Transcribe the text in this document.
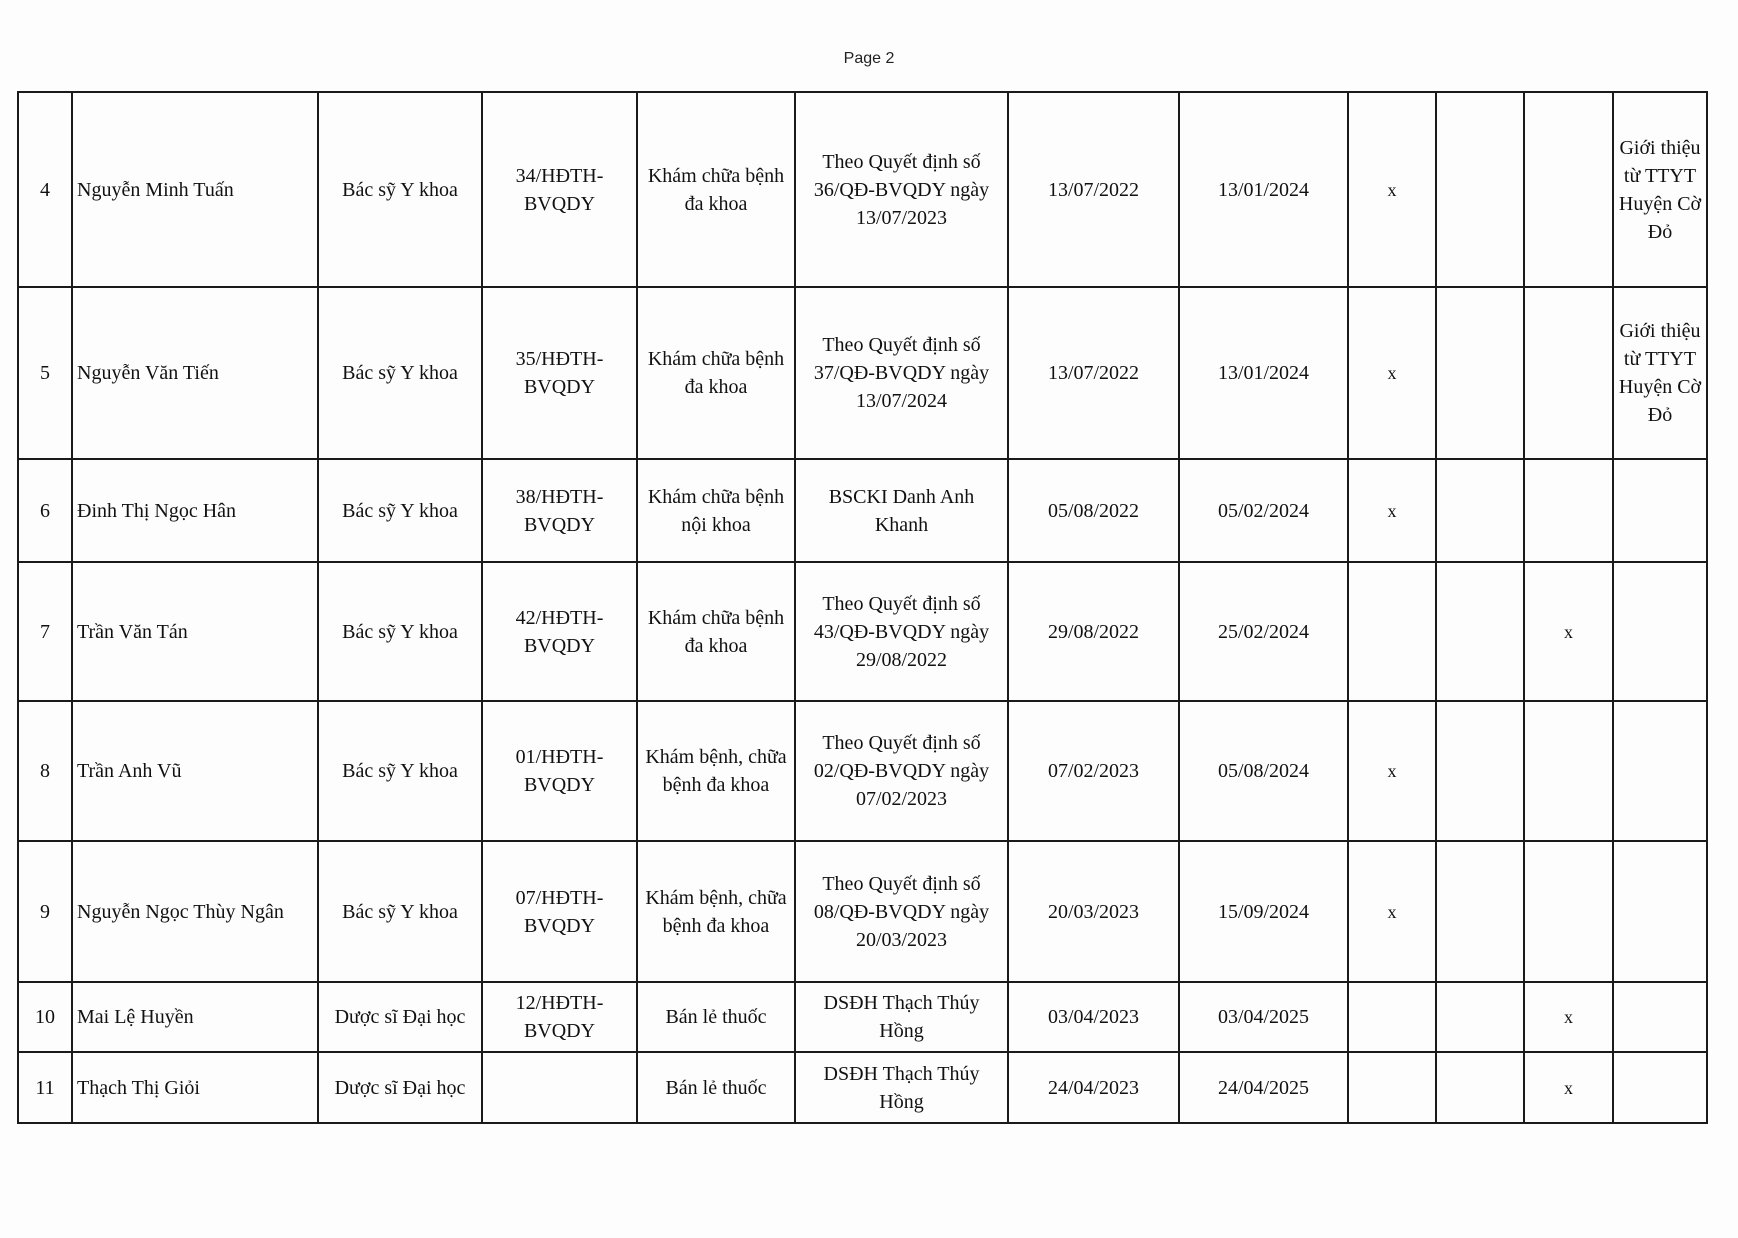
Page 2
4	Nguyễn Minh Tuấn	Bác sỹ Y khoa	34/HĐTH-BVQDY	Khám chữa bệnh đa khoa	Theo Quyết định số 36/QĐ-BVQDY ngày 13/07/2023	13/07/2022	13/01/2024	x			Giới thiệu từ TTYT Huyện Cờ Đỏ
5	Nguyễn Văn Tiến	Bác sỹ Y khoa	35/HĐTH-BVQDY	Khám chữa bệnh đa khoa	Theo Quyết định số 37/QĐ-BVQDY ngày 13/07/2024	13/07/2022	13/01/2024	x			Giới thiệu từ TTYT Huyện Cờ Đỏ
6	Đinh Thị Ngọc Hân	Bác sỹ Y khoa	38/HĐTH-BVQDY	Khám chữa bệnh nội khoa	BSCKI Danh Anh Khanh	05/08/2022	05/02/2024	x			
7	Trần Văn Tán	Bác sỹ Y khoa	42/HĐTH-BVQDY	Khám chữa bệnh đa khoa	Theo Quyết định số 43/QĐ-BVQDY ngày 29/08/2022	29/08/2022	25/02/2024			x	
8	Trần Anh Vũ	Bác sỹ Y khoa	01/HĐTH-BVQDY	Khám bệnh, chữa bệnh đa khoa	Theo Quyết định số 02/QĐ-BVQDY ngày 07/02/2023	07/02/2023	05/08/2024	x			
9	Nguyễn Ngọc Thùy Ngân	Bác sỹ Y khoa	07/HĐTH-BVQDY	Khám bệnh, chữa bệnh đa khoa	Theo Quyết định số 08/QĐ-BVQDY ngày 20/03/2023	20/03/2023	15/09/2024	x			
10	Mai Lệ Huyền	Dược sĩ Đại học	12/HĐTH-BVQDY	Bán lẻ thuốc	DSĐH Thạch Thúy Hồng	03/04/2023	03/04/2025			x	
11	Thạch Thị Giỏi	Dược sĩ Đại học		Bán lẻ thuốc	DSĐH Thạch Thúy Hồng	24/04/2023	24/04/2025			x	
